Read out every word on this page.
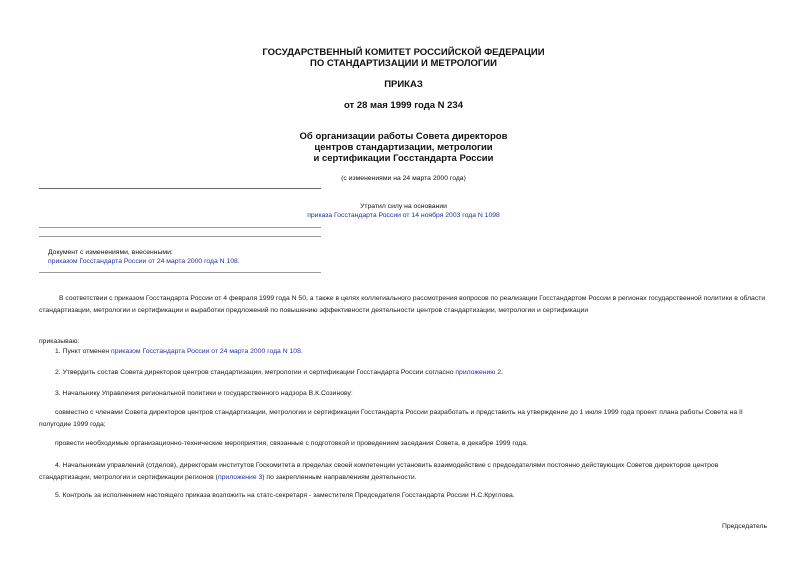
ГОСУДАРСТВЕННЫЙ КОМИТЕТ РОССИЙСКОЙ ФЕДЕРАЦИИ
ПО СТАНДАРТИЗАЦИИ И МЕТРОЛОГИИ
ПРИКАЗ
от 28 мая 1999 года N 234
Об организации работы Совета директоров
центров стандартизации, метрологии
и сертификации Госстандарта России
(с изменениями на 24 марта 2000 года)
Утратил силу на основании
приказа Госстандарта России от 14 ноября 2003 года N 1098
Документ с изменениями, внесенными:
приказом Госстандарта России от 24 марта 2000 года N 108.
В соответствии с приказом Госстандарта России от 4 февраля 1999 года N 50, а также в целях коллегиального рассмотрения вопросов по реализации Госстандартом России в регионах государственной политики в области стандартизации, метрологии и сертификации и выработки предложений по повышению эффективности деятельности центров стандартизации, метрологии и сертификации
приказываю:
1. Пункт отменен приказом Госстандарта России от 24 марта 2000 года N 108.
2. Утвердить состав Совета директоров центров стандартизации, метрологии и сертификации Госстандарта России согласно приложению 2.
3. Начальнику Управления региональной политики и государственного надзора В.К.Созинову:
совместно с членами Совета директоров центров стандартизации, метрологии и сертификации Госстандарта России разработать и представить на утверждение до 1 июля 1999 года проект плана работы Совета на II полугодие 1999 года;
провести необходимые организационно-технические мероприятия, связанные с подготовкой и проведением заседания Совета, в декабре 1999 года.
4. Начальникам управлений (отделов), директорам институтов Госкомитета в пределах своей компетенции установить взаимодействие с председателями постоянно действующих Советов директоров центров стандартизации, метрологии и сертификации регионов (приложение 3) по закрепленным направлениям деятельности.
5. Контроль за исполнением настоящего приказа возложить на статс-секретаря - заместителя Председателя Госстандарта России Н.С.Круглова.
Председатель
